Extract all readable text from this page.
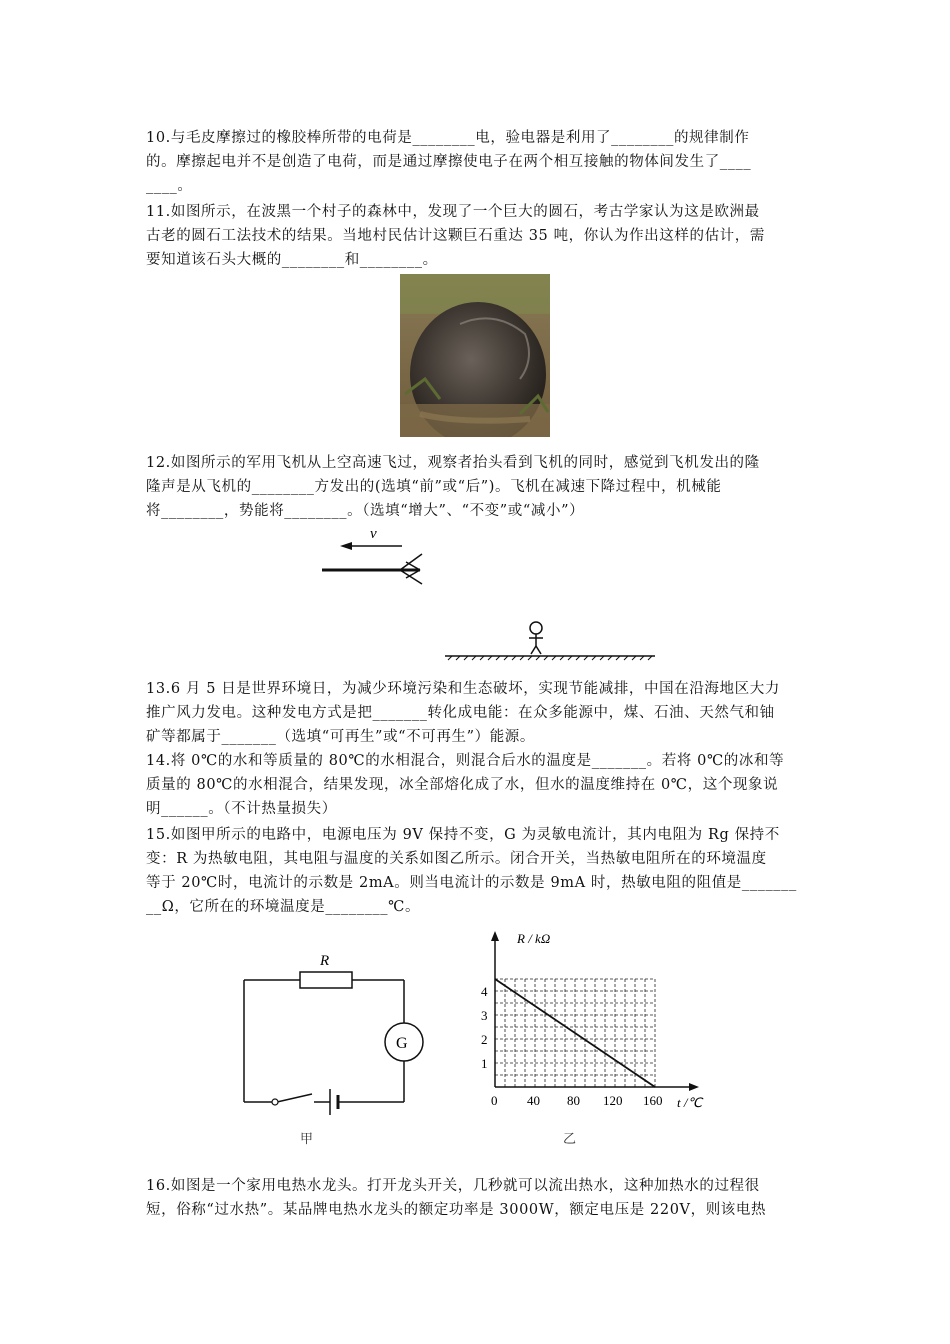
10.与毛皮摩擦过的橡胶棒所带的电荷是________电，验电器是利用了________的规律制作
的。摩擦起电并不是创造了电荷，而是通过摩擦使电子在两个相互接触的物体间发生了____
____。
11.如图所示，在波黑一个村子的森林中，发现了一个巨大的圆石，考古学家认为这是欧洲最
古老的圆石工法技术的结果。当地村民估计这颗巨石重达 35 吨，你认为作出这样的估计，需
要知道该石头大概的________和________。
12.如图所示的军用飞机从上空高速飞过，观察者抬头看到飞机的同时，感觉到飞机发出的隆
隆声是从飞机的________方发出的(选填“前”或“后”)。飞机在减速下降过程中，机械能
将________，势能将________。（选填“增大”、“不变”或“减小”）
v
13.6 月 5 日是世界环境日，为减少环境污染和生态破坏，实现节能减排，中国在沿海地区大力
推广风力发电。这种发电方式是把_______转化成电能：在众多能源中，煤、石油、天然气和铀
矿等都属于_______（选填“可再生”或“不可再生”）能源。
14.将 0℃的水和等质量的 80℃的水相混合，则混合后水的温度是_______。若将 0℃的冰和等
质量的 80℃的水相混合，结果发现，冰全部熔化成了水，但水的温度维持在 0℃，这个现象说
明______。（不计热量损失）
15.如图甲所示的电路中，电源电压为 9V 保持不变，G 为灵敏电流计，其内电阻为 Rg 保持不
变：R 为热敏电阻，其电阻与温度的关系如图乙所示。闭合开关，当热敏电阻所在的环境温度
等于 20℃时，电流计的示数是 2mA。则当电流计的示数是 9mA 时，热敏电阻的阻值是_______
__Ω，它所在的环境温度是________℃。
R
G
甲
0 40 80 120 160
1
2
3
4
R / kΩ
t /℃
乙
16.如图是一个家用电热水龙头。打开龙头开关，几秒就可以流出热水，这种加热水的过程很
短，俗称“过水热”。某品牌电热水龙头的额定功率是 3000W，额定电压是 220V，则该电热
